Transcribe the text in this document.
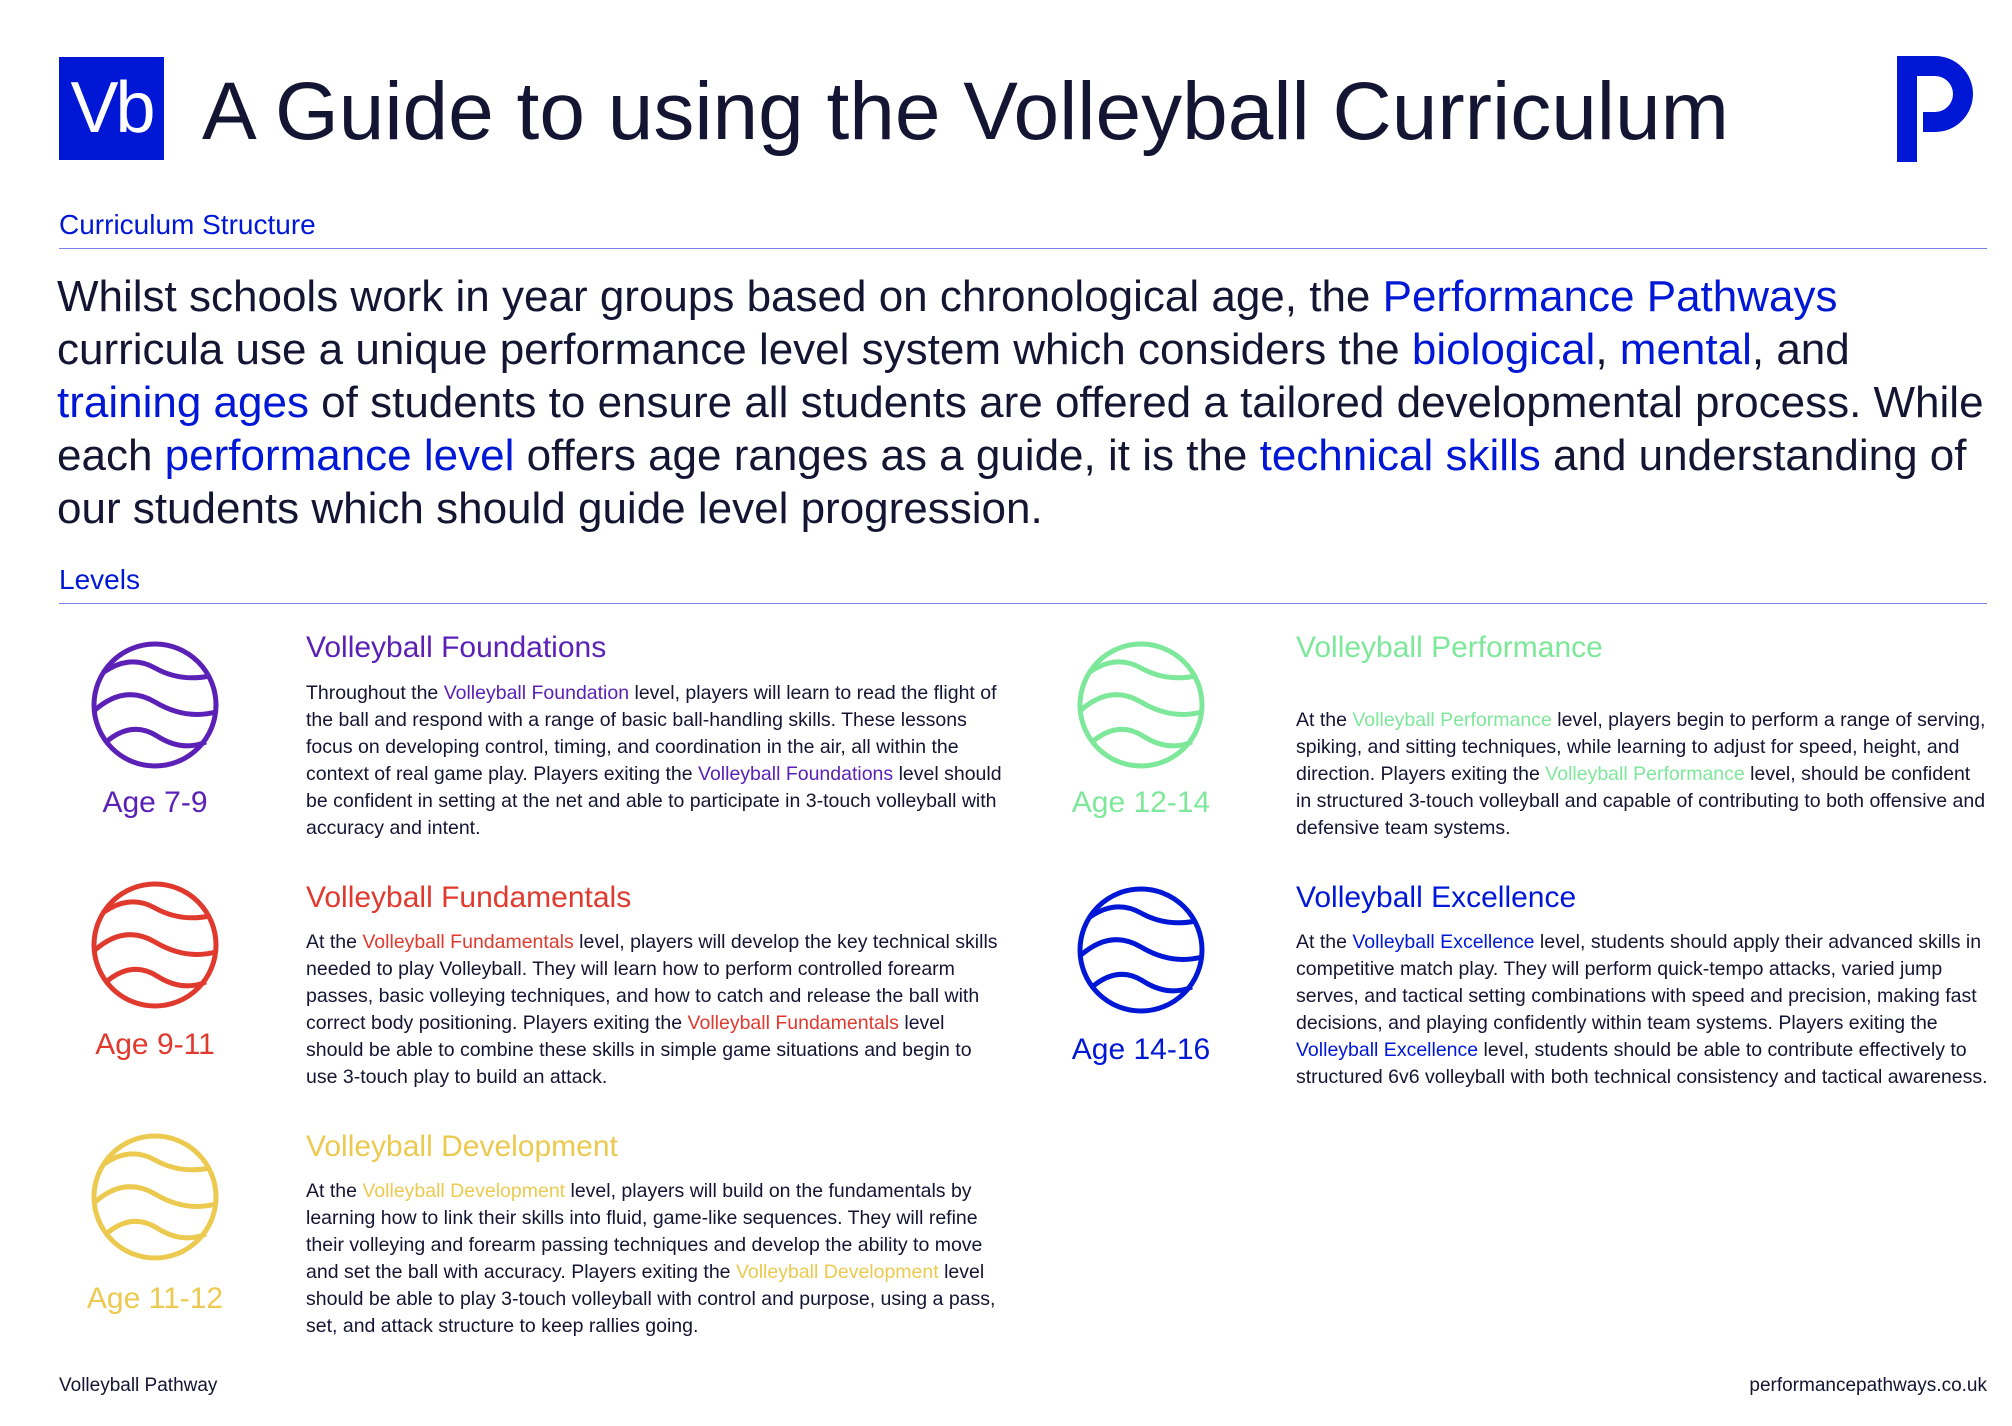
Vb A Guide to using the Volleyball Curriculum
Curriculum Structure
Whilst schools work in year groups based on chronological age, the Performance Pathways curricula use a unique performance level system which considers the biological, mental, and training ages of students to ensure all students are offered a tailored developmental process. While each performance level offers age ranges as a guide, it is the technical skills and understanding of our students which should guide level progression.
Levels
Age 7-9
Volleyball Foundations
Throughout the Volleyball Foundation level, players will learn to read the flight of the ball and respond with a range of basic ball-handling skills. These lessons focus on developing control, timing, and coordination in the air, all within the context of real game play. Players exiting the Volleyball Foundations level should be confident in setting at the net and able to participate in 3-touch volleyball with accuracy and intent.
Age 9-11
Volleyball Fundamentals
At the Volleyball Fundamentals level, players will develop the key technical skills needed to play Volleyball. They will learn how to perform controlled forearm passes, basic volleying techniques, and how to catch and release the ball with correct body positioning. Players exiting the Volleyball Fundamentals level should be able to combine these skills in simple game situations and begin to use 3-touch play to build an attack.
Age 11-12
Volleyball Development
At the Volleyball Development level, players will build on the fundamentals by learning how to link their skills into fluid, game-like sequences. They will refine their volleying and forearm passing techniques and develop the ability to move and set the ball with accuracy. Players exiting the Volleyball Development level should be able to play 3-touch volleyball with control and purpose, using a pass, set, and attack structure to keep rallies going.
Age 12-14
Volleyball Performance
At the Volleyball Performance level, players begin to perform a range of serving, spiking, and sitting techniques, while learning to adjust for speed, height, and direction. Players exiting the Volleyball Performance level, should be confident in structured 3-touch volleyball and capable of contributing to both offensive and defensive team systems.
Age 14-16
Volleyball Excellence
At the Volleyball Excellence level, students should apply their advanced skills in competitive match play. They will perform quick-tempo attacks, varied jump serves, and tactical setting combinations with speed and precision, making fast decisions, and playing confidently within team systems. Players exiting the Volleyball Excellence level, students should be able to contribute effectively to structured 6v6 volleyball with both technical consistency and tactical awareness.
Volleyball Pathway	performancepathways.co.uk
